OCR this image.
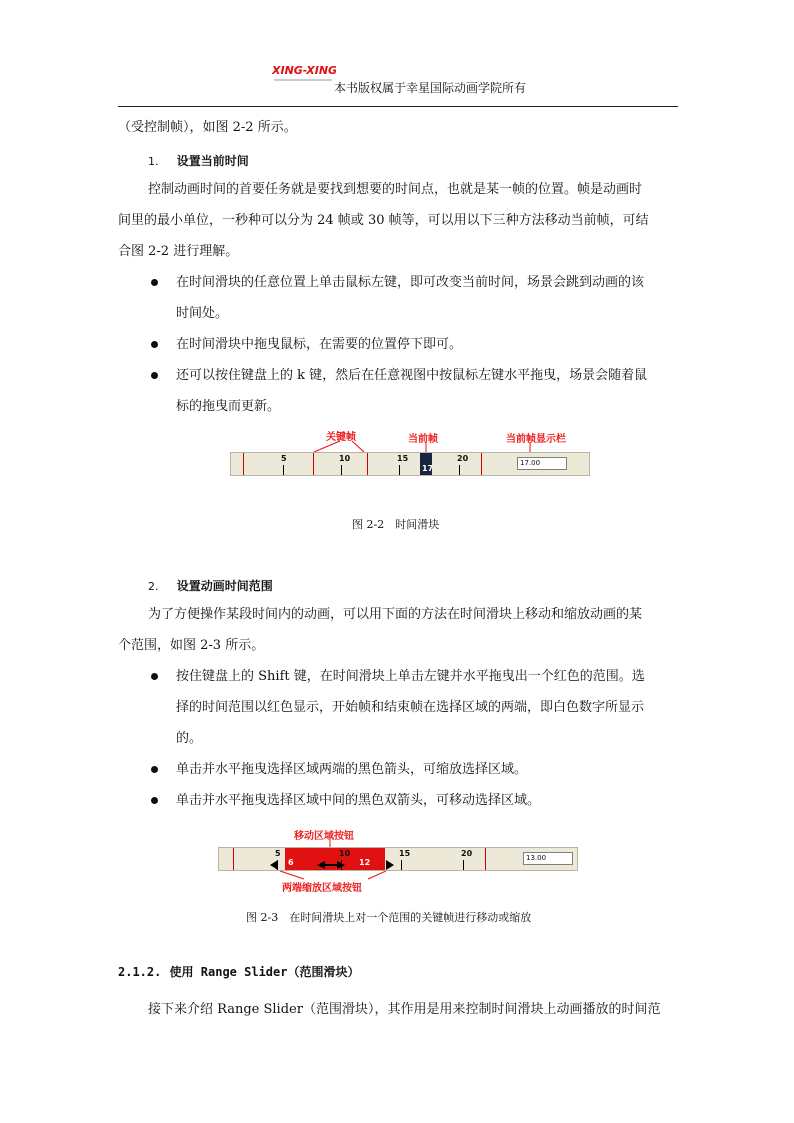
XING-XING
本书版权属于幸星国际动画学院所有
（受控制帧），如图 2-2 所示。
1. 设置当前时间
控制动画时间的首要任务就是要找到想要的时间点，也就是某一帧的位置。帧是动画时
间里的最小单位，一秒种可以分为 24 帧或 30 帧等，可以用以下三种方法移动当前帧，可结
合图 2-2 进行理解。
在时间滑块的任意位置上单击鼠标左键，即可改变当前时间，场景会跳到动画的该
时间处。
在时间滑块中拖曳鼠标，在需要的位置停下即可。
还可以按住键盘上的 k 键，然后在任意视图中按鼠标左键水平拖曳，场景会随着鼠
标的拖曳而更新。
关键帧	当前帧	当前帧显示栏
5	10	15	20
17
17.00
图 2-2　时间滑块
2. 设置动画时间范围
为了方便操作某段时间内的动画，可以用下面的方法在时间滑块上移动和缩放动画的某
个范围，如图 2-3 所示。
按住键盘上的 Shift 键，在时间滑块上单击左键并水平拖曳出一个红色的范围。选
择的时间范围以红色显示，开始帧和结束帧在选择区域的两端，即白色数字所显示
的。
单击并水平拖曳选择区域两端的黑色箭头，可缩放选择区域。
单击并水平拖曳选择区域中间的黑色双箭头，可移动选择区域。
移动区域按钮
两端缩放区域按钮
6	12
5	10	15	20	13.00
图 2-3　在时间滑块上对一个范围的关键帧进行移动或缩放
2.1.2. 使用 Range Slider（范围滑块）
接下来介绍 Range Slider（范围滑块），其作用是用来控制时间滑块上动画播放的时间范
